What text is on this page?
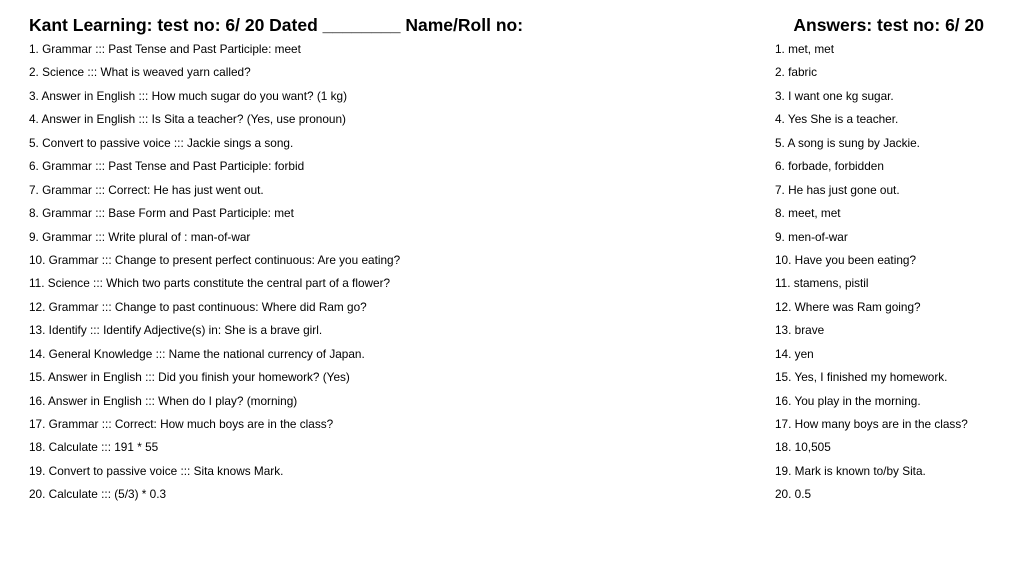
Kant Learning: test no: 6/ 20 Dated ________ Name/Roll no:	Answers: test no: 6/ 20
1. Grammar ::: Past Tense and Past Participle: meet
2. Science ::: What is weaved yarn called?
3. Answer in English ::: How much sugar do you want? (1 kg)
4. Answer in English ::: Is Sita a teacher? (Yes, use pronoun)
5. Convert to passive voice ::: Jackie sings a song.
6. Grammar ::: Past Tense and Past Participle: forbid
7. Grammar ::: Correct: He has just went out.
8. Grammar ::: Base Form and Past Participle: met
9. Grammar ::: Write plural of : man-of-war
10. Grammar ::: Change to present perfect continuous: Are you eating?
11. Science ::: Which two parts constitute the central part of a flower?
12. Grammar ::: Change to past continuous: Where did Ram go?
13. Identify ::: Identify Adjective(s) in: She is a brave girl.
14. General Knowledge ::: Name the national currency of Japan.
15. Answer in English ::: Did you finish your homework? (Yes)
16. Answer in English ::: When do I play? (morning)
17. Grammar ::: Correct: How much boys are in the class?
18. Calculate ::: 191 * 55
19. Convert to passive voice ::: Sita knows Mark.
20. Calculate ::: (5/3) * 0.3
1. met, met
2. fabric
3. I want one kg sugar.
4. Yes She is a teacher.
5. A song is sung by Jackie.
6. forbade, forbidden
7. He has just gone out.
8. meet, met
9. men-of-war
10. Have you been eating?
11. stamens, pistil
12. Where was Ram going?
13. brave
14. yen
15. Yes, I finished my homework.
16. You play in the morning.
17. How many boys are in the class?
18. 10,505
19. Mark is known to/by Sita.
20. 0.5
